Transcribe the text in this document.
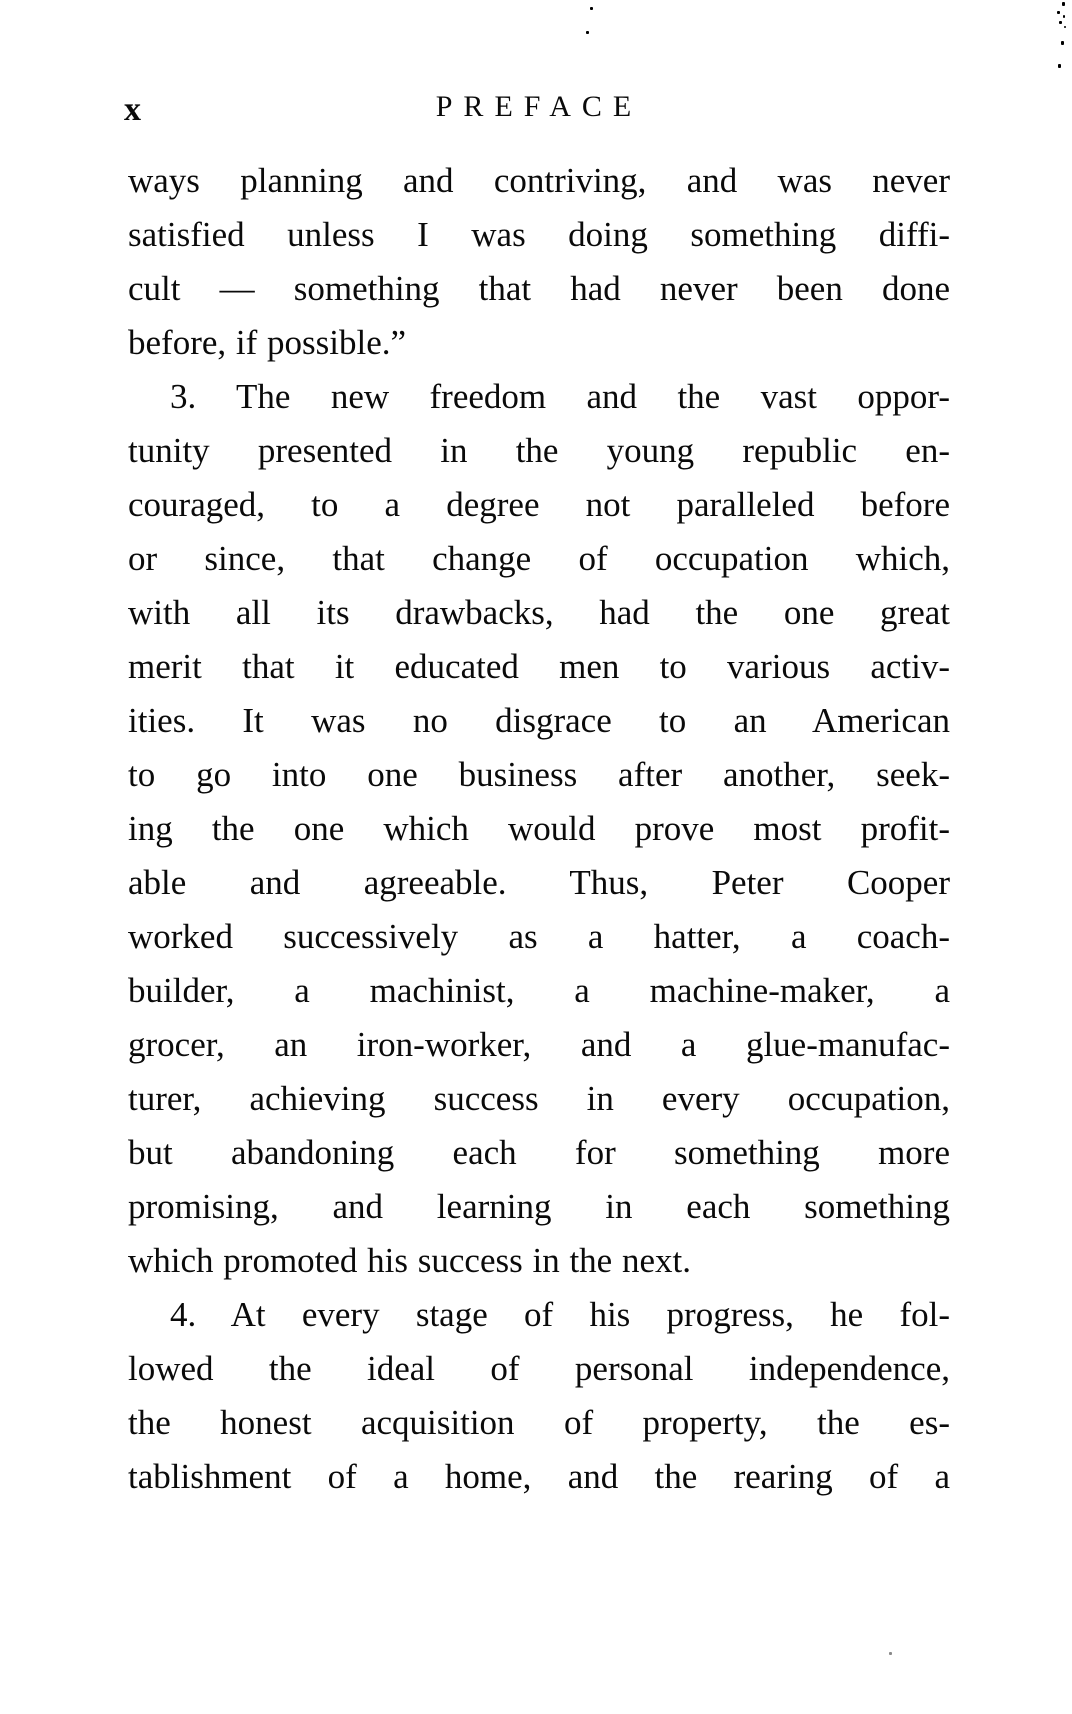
x	PREFACE
ways planning and contriving, and was never
satisfied unless I was doing something diffi-
cult — something that had never been done
before, if possible.”
3. The new freedom and the vast oppor-
tunity presented in the young republic en-
couraged, to a degree not paralleled before
or since, that change of occupation which,
with all its drawbacks, had the one great
merit that it educated men to various activ-
ities. It was no disgrace to an American
to go into one business after another, seek-
ing the one which would prove most profit-
able and agreeable. Thus, Peter Cooper
worked successively as a hatter, a coach-
builder, a machinist, a machine-maker, a
grocer, an iron-worker, and a glue-manufac-
turer, achieving success in every occupation,
but abandoning each for something more
promising, and learning in each something
which promoted his success in the next.
4. At every stage of his progress, he fol-
lowed the ideal of personal independence,
the honest acquisition of property, the es-
tablishment of a home, and the rearing of a
